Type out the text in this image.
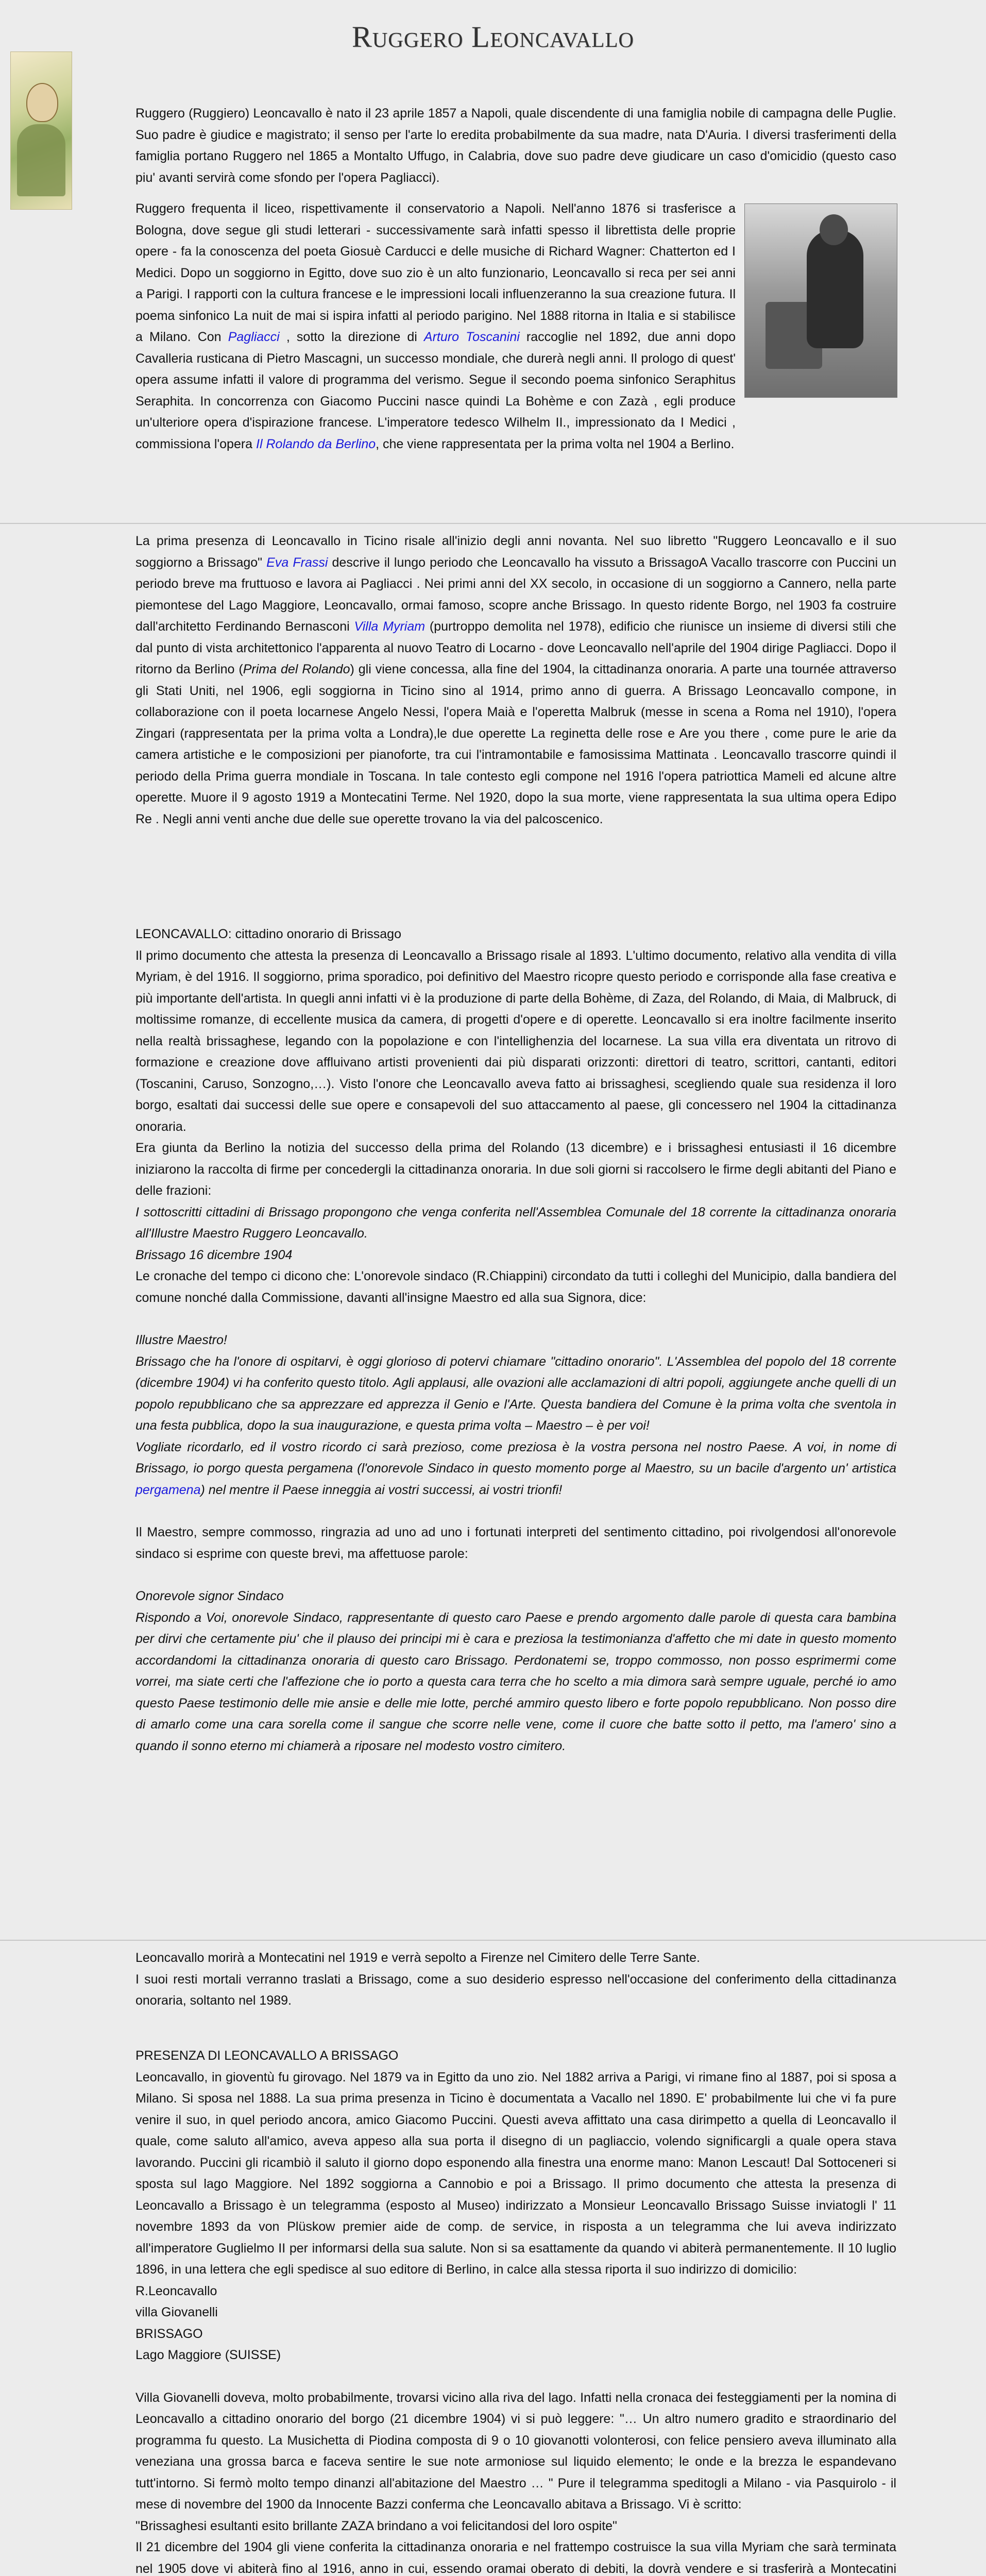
Ruggero Leoncavallo

Ruggero (Ruggiero) Leoncavallo è nato il 23 aprile 1857 a Napoli, quale discendente di una famiglia nobile di campagna delle Puglie. Suo padre è giudice e magistrato; il senso per l'arte lo eredita probabilmente da sua madre, nata D'Auria. I diversi trasferimenti della famiglia portano Ruggero nel 1865 a Montalto Uffugo, in Calabria, dove suo padre deve giudicare un caso d'omicidio (questo caso piu' avanti servirà come sfondo per l'opera Pagliacci).

Ruggero frequenta il liceo, rispettivamente il conservatorio a Napoli. Nell'anno 1876 si trasferisce a Bologna, dove segue gli studi letterari - successivamente sarà infatti spesso il librettista delle proprie opere - fa la conoscenza del poeta Giosuè Carducci e delle musiche di Richard Wagner: Chatterton ed I Medici. Dopo un soggiorno in Egitto, dove suo zio è un alto funzionario, Leoncavallo si reca per sei anni a Parigi. I rapporti con la cultura francese e le impressioni locali influenzeranno la sua creazione futura. Il poema sinfonico La nuit de mai si ispira infatti al periodo parigino. Nel 1888 ritorna in Italia e si stabilisce a Milano. Con Pagliacci , sotto la direzione di Arturo Toscanini raccoglie nel 1892, due anni dopo Cavalleria rusticana di Pietro Mascagni, un successo mondiale, che durerà negli anni. Il prologo di quest' opera assume infatti il valore di programma del verismo. Segue il secondo poema sinfonico Seraphitus Seraphita. In concorrenza con Giacomo Puccini nasce quindi La Bohème e con Zazà , egli produce un'ulteriore opera d'ispirazione francese. L'imperatore tedesco Wilhelm II., impressionato da I Medici , commissiona l'opera Il Rolando da Berlino, che viene rappresentata per la prima volta nel 1904 a Berlino.

La prima presenza di Leoncavallo in Ticino risale all'inizio degli anni novanta. Nel suo libretto "Ruggero Leoncavallo e il suo soggiorno a Brissago" Eva Frassi descrive il lungo periodo che Leoncavallo ha vissuto a BrissagoA Vacallo trascorre con Puccini un periodo breve ma fruttuoso e lavora ai Pagliacci . Nei primi anni del XX secolo, in occasione di un soggiorno a Cannero, nella parte piemontese del Lago Maggiore, Leoncavallo, ormai famoso, scopre anche Brissago. In questo ridente Borgo, nel 1903 fa costruire dall'architetto Ferdinando Bernasconi Villa Myriam (purtroppo demolita nel 1978), edificio che riunisce un insieme di diversi stili che dal punto di vista architettonico l'apparenta al nuovo Teatro di Locarno - dove Leoncavallo nell'aprile del 1904 dirige Pagliacci. Dopo il ritorno da Berlino (Prima del Rolando) gli viene concessa, alla fine del 1904, la cittadinanza onoraria. A parte una tournée attraverso gli Stati Uniti, nel 1906, egli soggiorna in Ticino sino al 1914, primo anno di guerra. A Brissago Leoncavallo compone, in collaborazione con il poeta locarnese Angelo Nessi, l'opera Maià e l'operetta Malbruk (messe in scena a Roma nel 1910), l'opera Zingari (rappresentata per la prima volta a Londra),le due operette La reginetta delle rose e Are you there , come pure le arie da camera artistiche e le composizioni per pianoforte, tra cui l'intramontabile e famosissima Mattinata . Leoncavallo trascorre quindi il periodo della Prima guerra mondiale in Toscana. In tale contesto egli compone nel 1916 l'opera patriottica Mameli ed alcune altre operette. Muore il 9 agosto 1919 a Montecatini Terme. Nel 1920, dopo la sua morte, viene rappresentata la sua ultima opera Edipo Re . Negli anni venti anche due delle sue operette trovano la via del palcoscenico.

LEONCAVALLO: cittadino onorario di Brissago

Il primo documento che attesta la presenza di Leoncavallo a Brissago risale al 1893. L'ultimo documento, relativo alla vendita di villa Myriam, è del 1916. Il soggiorno, prima sporadico, poi definitivo del Maestro ricopre questo periodo e corrisponde alla fase creativa e più importante dell'artista. In quegli anni infatti vi è la produzione di parte della Bohème, di Zaza, del Rolando, di Maia, di Malbruck, di moltissime romanze, di eccellente musica da camera, di progetti d'opere e di operette. Leoncavallo si era inoltre facilmente inserito nella realtà brissaghese, legando con la popolazione e con l'intellighenzia del locarnese. La sua villa era diventata un ritrovo di formazione e creazione dove affluivano artisti provenienti dai più disparati orizzonti: direttori di teatro, scrittori, cantanti, editori (Toscanini, Caruso, Sonzogno,…). Visto l'onore che Leoncavallo aveva fatto ai brissaghesi, scegliendo quale sua residenza il loro borgo, esaltati dai successi delle sue opere e consapevoli del suo attaccamento al paese, gli concessero nel 1904 la cittadinanza onoraria.

Era giunta da Berlino la notizia del successo della prima del Rolando (13 dicembre) e i brissaghesi entusiasti il 16 dicembre iniziarono la raccolta di firme per concedergli la cittadinanza onoraria. In due soli giorni si raccolsero le firme degli abitanti del Piano e delle frazioni:

I sottoscritti cittadini di Brissago propongono che venga conferita nell'Assemblea Comunale del 18 corrente la cittadinanza onoraria all'Illustre Maestro Ruggero Leoncavallo.

Brissago 16 dicembre 1904

Le cronache del tempo ci dicono che: L'onorevole sindaco (R.Chiappini) circondato da tutti i colleghi del Municipio, dalla bandiera del comune nonché dalla Commissione, davanti all'insigne Maestro ed alla sua Signora, dice:

Illustre Maestro!

Brissago che ha l'onore di ospitarvi, è oggi glorioso di potervi chiamare "cittadino onorario". L'Assemblea del popolo del 18 corrente (dicembre 1904) vi ha conferito questo titolo. Agli applausi, alle ovazioni alle acclamazioni di altri popoli, aggiungete anche quelli di un popolo repubblicano che sa apprezzare ed apprezza il Genio e l'Arte. Questa bandiera del Comune è la prima volta che sventola in una festa pubblica, dopo la sua inaugurazione, e questa prima volta – Maestro – è per voi!

Vogliate ricordarlo, ed il vostro ricordo ci sarà prezioso, come preziosa è la vostra persona nel nostro Paese. A voi, in nome di Brissago, io porgo questa pergamena (l'onorevole Sindaco in questo momento porge al Maestro, su un bacile d'argento un' artistica pergamena) nel mentre il Paese inneggia ai vostri successi, ai vostri trionfi!

Il Maestro, sempre commosso, ringrazia ad uno ad uno i fortunati interpreti del sentimento cittadino, poi rivolgendosi all'onorevole sindaco si esprime con queste brevi, ma affettuose parole:

Onorevole signor Sindaco

Rispondo a Voi, onorevole Sindaco, rappresentante di questo caro Paese e prendo argomento dalle parole di questa cara bambina per dirvi che certamente piu' che il plauso dei principi mi è cara e preziosa la testimonianza d'affetto che mi date in questo momento accordandomi la cittadinanza onoraria di questo caro Brissago. Perdonatemi se, troppo commosso, non posso esprimermi come vorrei, ma siate certi che l'affezione che io porto a questa cara terra che ho scelto a mia dimora sarà sempre uguale, perché io amo questo Paese testimonio delle mie ansie e delle mie lotte, perché ammiro questo libero e forte popolo repubblicano. Non posso dire di amarlo come una cara sorella come il sangue che scorre nelle vene, come il cuore che batte sotto il petto, ma l'amero' sino a quando il sonno eterno mi chiamerà a riposare nel modesto vostro cimitero.

Leoncavallo morirà a Montecatini nel 1919 e verrà sepolto a Firenze nel Cimitero delle Terre Sante.

I suoi resti mortali verranno traslati a Brissago, come a suo desiderio espresso nell'occasione del conferimento della cittadinanza onoraria, soltanto nel 1989.

PRESENZA DI LEONCAVALLO A BRISSAGO

Leoncavallo, in gioventù fu girovago. Nel 1879 va in Egitto da uno zio. Nel 1882 arriva a Parigi, vi rimane fino al 1887, poi si sposa a Milano. Si sposa nel 1888. La sua prima presenza in Ticino è documentata a Vacallo nel 1890. E' probabilmente lui che vi fa pure venire il suo, in quel periodo ancora, amico Giacomo Puccini. Questi aveva affittato una casa dirimpetto a quella di Leoncavallo il quale, come saluto all'amico, aveva appeso alla sua porta il disegno di un pagliaccio, volendo significargli a quale opera stava lavorando. Puccini gli ricambiò il saluto il giorno dopo esponendo alla finestra una enorme mano: Manon Lescaut! Dal Sottoceneri si sposta sul lago Maggiore. Nel 1892 soggiorna a Cannobio e poi a Brissago. Il primo documento che attesta la presenza di Leoncavallo a Brissago è un telegramma (esposto al Museo) indirizzato a Monsieur Leoncavallo Brissago Suisse inviatogli l' 11 novembre 1893 da von Plüskow premier aide de comp. de service, in risposta a un telegramma che lui aveva indirizzato all'imperatore Guglielmo II per informarsi della sua salute. Non si sa esattamente da quando vi abiterà permanentemente. Il 10 luglio 1896, in una lettera che egli spedisce al suo editore di Berlino, in calce alla stessa riporta il suo indirizzo di domicilio:

R.Leoncavallo

villa Giovanelli

BRISSAGO

Lago Maggiore (SUISSE)

Villa Giovanelli doveva, molto probabilmente, trovarsi vicino alla riva del lago. Infatti nella cronaca dei festeggiamenti per la nomina di Leoncavallo a cittadino onorario del borgo (21 dicembre 1904) vi si può leggere: "… Un altro numero gradito e straordinario del programma fu questo. La Musichetta di Piodina composta di 9 o 10 giovanotti volonterosi, con felice pensiero aveva illuminato alla veneziana una grossa barca e faceva sentire le sue note armoniose sul liquido elemento; le onde e la brezza le espandevano tutt'intorno. Si fermò molto tempo dinanzi all'abitazione del Maestro … " Pure il telegramma speditogli a Milano - via Pasquirolo - il mese di novembre del 1900 da Innocente Bazzi conferma che Leoncavallo abitava a Brissago. Vi è scritto:

"Brissaghesi esultanti esito brillante ZAZA brindano a voi felicitandosi del loro ospite"

Il 21 dicembre del 1904 gli viene conferita la cittadinanza onoraria e nel frattempo costruisce la sua villa Myriam che sarà terminata nel 1905 dove vi abiterà fino al 1916, anno in cui, essendo oramai oberato di debiti, la dovrà vendere e si trasferirà a Montecatini
